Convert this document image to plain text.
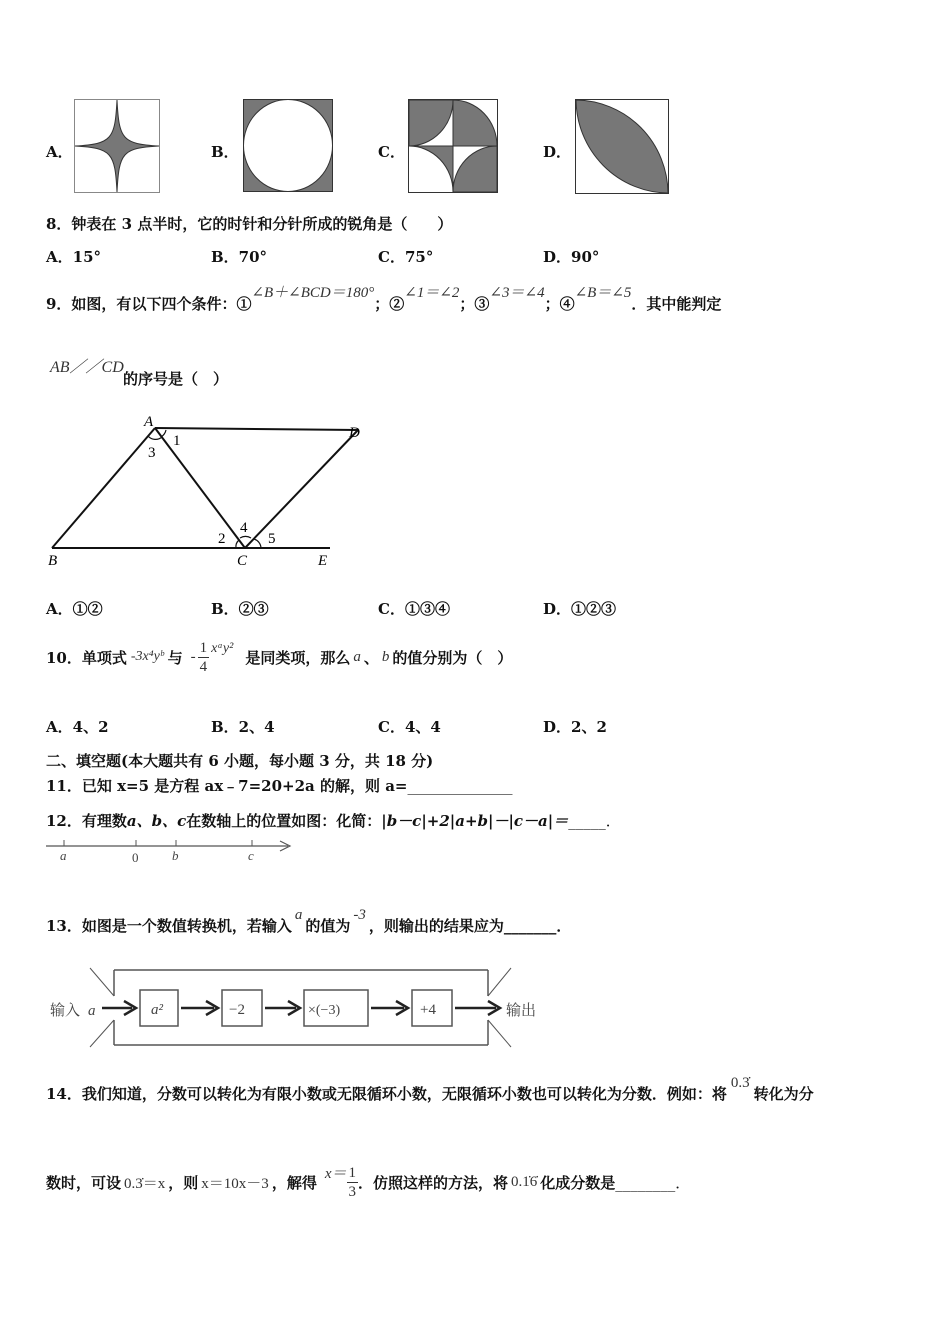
A．	B．	C．	D．
8．钟表在 3 点半时，它的时针和分针所成的锐角是（　　）
A．15°	B．70°	C．75°	D．90°
9．如图，有以下四个条件：①∠B＋∠BCD＝180°；②∠1＝∠2；③∠3＝∠4；④∠B＝∠5．其中能判定
AB／／CD
的序号是（　）
A
1
3
D
2
4
5
B	C	E
A．①②	B．②③	C．①③④	D．①②③
10．单项式 -3x⁴yᵇ 与 - $\frac{1}{4}$ xᵃy² 是同类项，那么 a 、 b 的值分别为（　）
A．4、2	B．2、4	C．4、4	D．2、2
二、填空题(本大题共有 6 小题，每小题 3 分，共 18 分)
11．已知 x=5 是方程 ax﹣7=20+2a 的解，则 a=______________
12．有理数a、b、c在数轴上的位置如图：化简：|b－c|+2|a+b|－|c－a|＝_____．
a	0	b	c
13．如图是一个数值转换机，若输入a的值为-3，则输出的结果应为_______．
输入 a	a²	−2	×(−3)	+4	输出
14．我们知道，分数可以转化为有限小数或无限循环小数，无限循环小数也可以转化为分数．例如：将0.3̇转化为分
数时，可设 0.3̇＝x ，则 x＝10x－3 ，解得 $x= \frac{1}{3}$ ．仿照这样的方法，将 0.1̇6̇ 化成分数是 ________．
